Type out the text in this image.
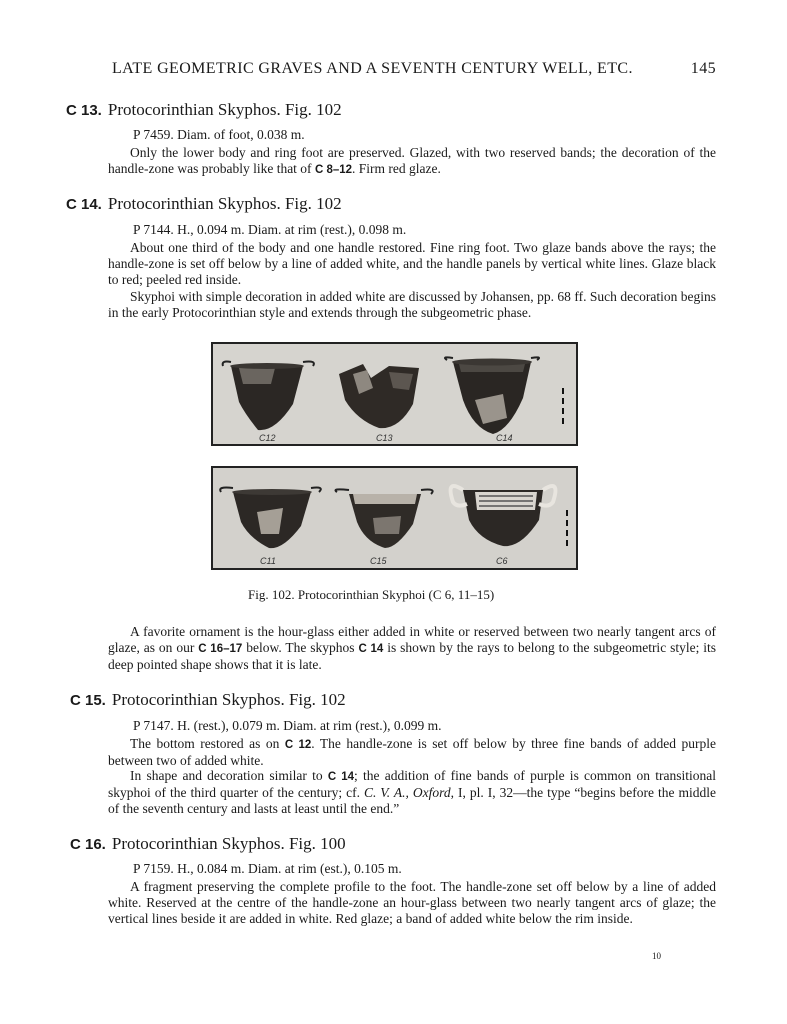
LATE GEOMETRIC GRAVES AND A SEVENTH CENTURY WELL, ETC.	145
C 13. Protocorinthian Skyphos. Fig. 102
P 7459. Diam. of foot, 0.038 m.
Only the lower body and ring foot are preserved. Glazed, with two reserved bands; the decoration of the handle-zone was probably like that of C 8–12. Firm red glaze.
C 14. Protocorinthian Skyphos. Fig. 102
P 7144. H., 0.094 m. Diam. at rim (rest.), 0.098 m.
About one third of the body and one handle restored. Fine ring foot. Two glaze bands above the rays; the handle-zone is set off below by a line of added white, and the handle panels by vertical white lines. Glaze black to red; peeled red inside.
Skyphoi with simple decoration in added white are discussed by Johansen, pp. 68 ff. Such decoration begins in the early Protocorinthian style and extends through the subgeometric phase.
C12	C13	C14
C11	C15	C6
Fig. 102. Protocorinthian Skyphoi (C 6, 11–15)
A favorite ornament is the hour-glass either added in white or reserved between two nearly tangent arcs of glaze, as on our C 16–17 below. The skyphos C 14 is shown by the rays to belong to the subgeometric style; its deep pointed shape shows that it is late.
C 15. Protocorinthian Skyphos. Fig. 102
P 7147. H. (rest.), 0.079 m. Diam. at rim (rest.), 0.099 m.
The bottom restored as on C 12. The handle-zone is set off below by three fine bands of added purple between two of added white.
In shape and decoration similar to C 14; the addition of fine bands of purple is common on transitional skyphoi of the third quarter of the century; cf. C. V. A., Oxford, I, pl. I, 32—the type “begins before the middle of the seventh century and lasts at least until the end.”
C 16. Protocorinthian Skyphos. Fig. 100
P 7159. H., 0.084 m. Diam. at rim (est.), 0.105 m.
A fragment preserving the complete profile to the foot. The handle-zone set off below by a line of added white. Reserved at the centre of the handle-zone an hour-glass between two nearly tangent arcs of glaze; the vertical lines beside it are added in white. Red glaze; a band of added white below the rim inside.
10
